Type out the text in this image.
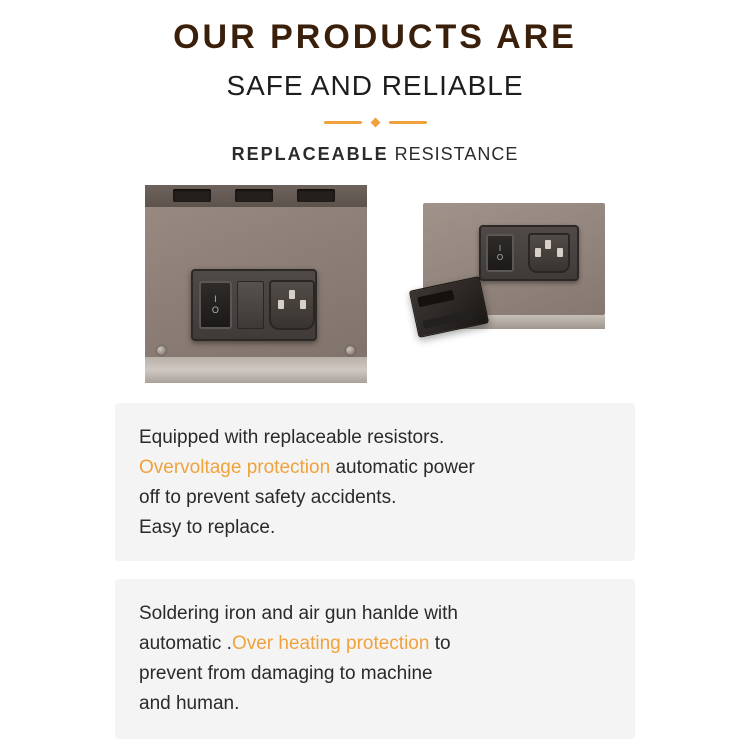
OUR PRODUCTS ARE
SAFE AND RELIABLE
REPLACEABLE RESISTANCE
I
O
I
O

Equipped with replaceable resistors.

Overvoltage protection automatic power

off to prevent safety accidents.

Easy to replace.

Soldering iron and air gun hanlde with

automatic .Over heating protection to

prevent from damaging to machine

and human.
